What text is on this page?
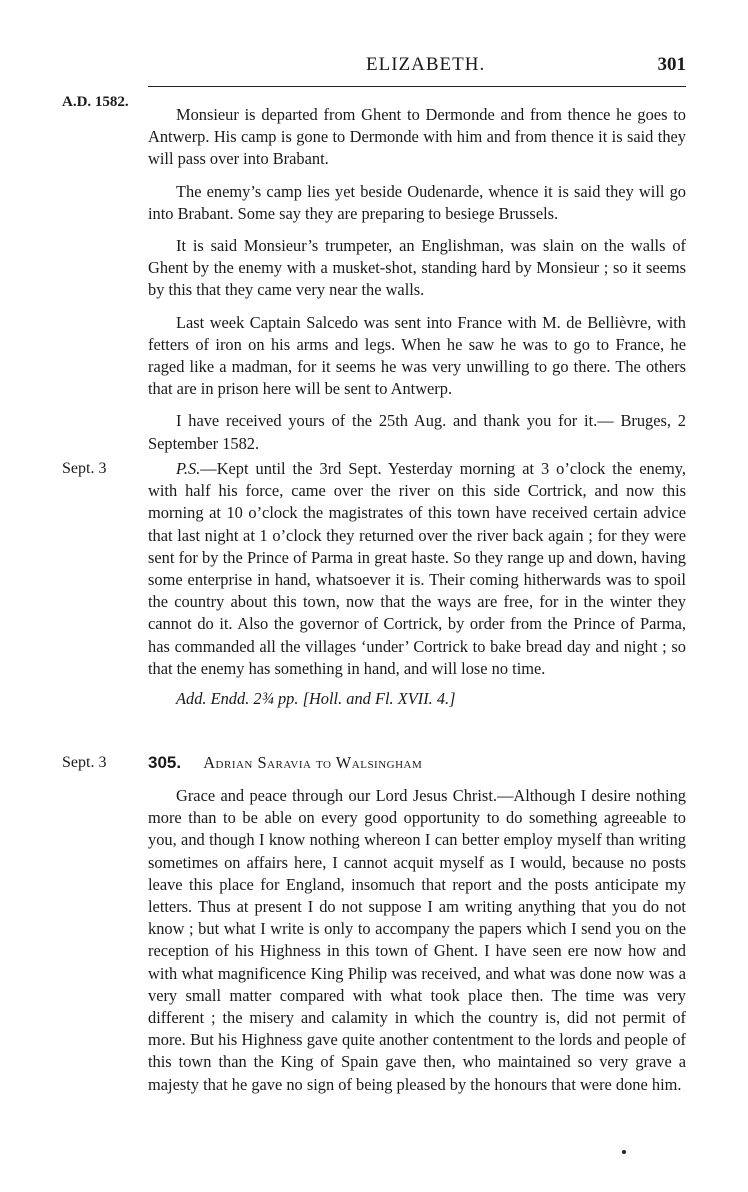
ELIZABETH.	301
A.D. 1582.

Monsieur is departed from Ghent to Dermonde and from thence he goes to Antwerp. His camp is gone to Dermonde with him and from thence it is said they will pass over into Brabant.

The enemy’s camp lies yet beside Oudenarde, whence it is said they will go into Brabant. Some say they are preparing to besiege Brussels.

It is said Monsieur’s trumpeter, an Englishman, was slain on the walls of Ghent by the enemy with a musket-shot, standing hard by Monsieur ; so it seems by this that they came very near the walls.

Last week Captain Salcedo was sent into France with M. de Bellièvre, with fetters of iron on his arms and legs. When he saw he was to go to France, he raged like a madman, for it seems he was very unwilling to go there. The others that are in prison here will be sent to Antwerp.

I have received yours of the 25th Aug. and thank you for it.— Bruges, 2 September 1582.

Sept. 3	P.S.—Kept until the 3rd Sept. Yesterday morning at 3 o’clock the enemy, with half his force, came over the river on this side Cortrick, and now this morning at 10 o’clock the magistrates of this town have received certain advice that last night at 1 o’clock they returned over the river back again ; for they were sent for by the Prince of Parma in great haste. So they range up and down, having some enterprise in hand, whatsoever it is. Their coming hitherwards was to spoil the country about this town, now that the ways are free, for in the winter they cannot do it. Also the governor of Cortrick, by order from the Prince of Parma, has commanded all the villages ‘under’ Cortrick to bake bread day and night ; so that the enemy has something in hand, and will lose no time.

Add. Endd. 2¾ pp. [Holl. and Fl. XVII. 4.]

Sept. 3 305. Adrian Saravia to Walsingham

Grace and peace through our Lord Jesus Christ.—Although I desire nothing more than to be able on every good opportunity to do something agreeable to you, and though I know nothing whereon I can better employ myself than writing sometimes on affairs here, I cannot acquit myself as I would, because no posts leave this place for England, insomuch that report and the posts anticipate my letters. Thus at present I do not suppose I am writing anything that you do not know ; but what I write is only to accompany the papers which I send you on the reception of his Highness in this town of Ghent. I have seen ere now how and with what magnificence King Philip was received, and what was done now was a very small matter compared with what took place then. The time was very different ; the misery and calamity in which the country is, did not permit of more. But his Highness gave quite another contentment to the lords and people of this town than the King of Spain gave then, who maintained so very grave a majesty that he gave no sign of being pleased by the honours that were done him.
